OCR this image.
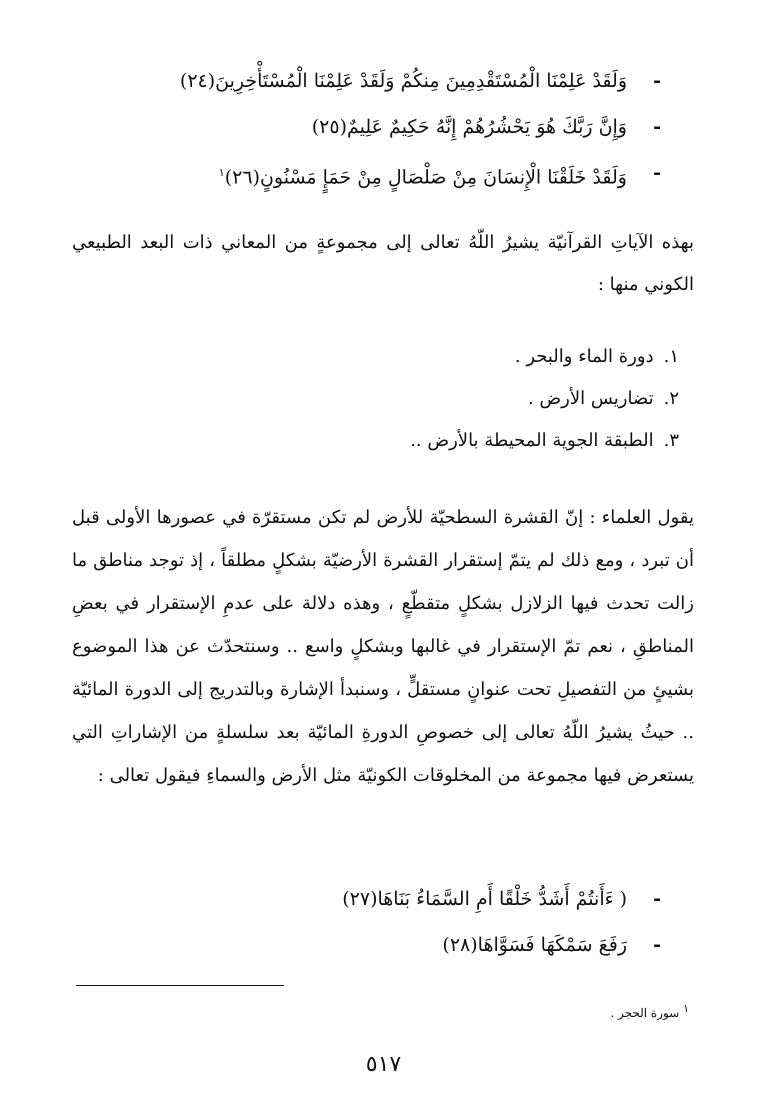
-
وَلَقَدْ عَلِمْنَا الْمُسْتَقْدِمِينَ مِنكُمْ وَلَقَدْ عَلِمْنَا الْمُسْتَأْخِرِينَ(٢٤)
-
وَإِنَّ رَبَّكَ هُوَ يَحْشُرُهُمْ إِنَّهُ حَكِيمٌ عَلِيمٌ(٢٥)
-
وَلَقَدْ خَلَقْنَا الْإِنسَانَ مِنْ صَلْصَالٍ مِنْ حَمَإٍ مَسْنُونٍ(٢٦)$^١$

بهذه الآياتِ القرآنيّة يشيرُ اللّهُ تعالى إلى مجموعةٍ من المعاني ذات البعد الطبيعي الكوني منها :

١.دورة الماء والبحر .
٢.تضاريس الأرض .
٣.الطبقة الجوية المحيطة بالأرض ..

يقول العلماء : إنّ القشرة السطحيّة للأرض لم تكن مستقرّة في عصورها الأولى قبل أن تبرد ، ومع ذلك لم يتمّ إستقرار القشرة الأرضيّة بشكلٍ مطلقاً ، إذ توجد مناطق ما زالت تحدث فيها الزلازل بشكلٍ متقطّعٍ ، وهذه دلالة على عدمِ الإستقرار في بعضِ المناطقِ ، نعم تمّ الإستقرار في غالبها وبشكلٍ واسع .. وسنتحدّث عن هذا الموضوع بشيئٍ من التفصيلِ تحت عنوانٍ مستقلٍّ ، وسنبدأ الإشارة وبالتدريج إلى الدورة المائيّة .. حيثُ يشيرُ اللّهُ تعالى إلى خصوصِ الدورةِ المائيّة بعد سلسلةٍ من الإشاراتِ التي يستعرض فيها مجموعة من المخلوقات الكونيّة مثل الأرض والسماءِ فيقول تعالى :

-
( ءَأَنتُمْ أَشَدُّ خَلْقًا أَمِ السَّمَاءُ بَنَاهَا(٢٧)
-
رَفَعَ سَمْكَهَا فَسَوَّاهَا(٢٨)
١ سورة الحجر .
٥١٧
